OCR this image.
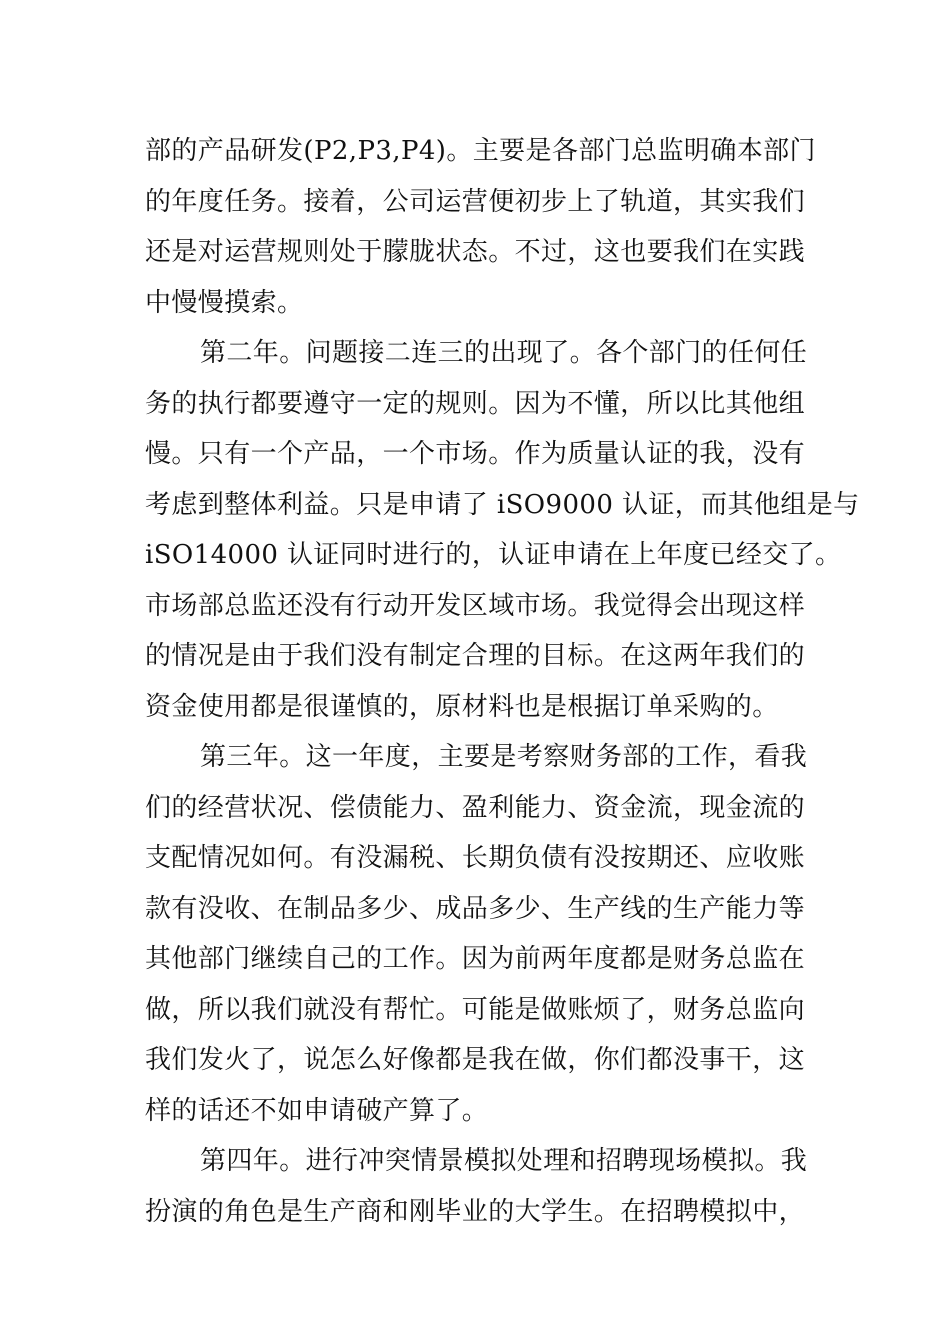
部的产品研发(P2,P3,P4)。主要是各部门总监明确本部门
的年度任务。接着，公司运营便初步上了轨道，其实我们
还是对运营规则处于朦胧状态。不过，这也要我们在实践
中慢慢摸索。
第二年。问题接二连三的出现了。各个部门的任何任
务的执行都要遵守一定的规则。因为不懂，所以比其他组
慢。只有一个产品，一个市场。作为质量认证的我，没有
考虑到整体利益。只是申请了 iSO9000 认证，而其他组是与
iSO14000 认证同时进行的，认证申请在上年度已经交了。
市场部总监还没有行动开发区域市场。我觉得会出现这样
的情况是由于我们没有制定合理的目标。在这两年我们的
资金使用都是很谨慎的，原材料也是根据订单采购的。
第三年。这一年度，主要是考察财务部的工作，看我
们的经营状况、偿债能力、盈利能力、资金流，现金流的
支配情况如何。有没漏税、长期负债有没按期还、应收账
款有没收、在制品多少、成品多少、生产线的生产能力等
其他部门继续自己的工作。因为前两年度都是财务总监在
做，所以我们就没有帮忙。可能是做账烦了，财务总监向
我们发火了，说怎么好像都是我在做，你们都没事干，这
样的话还不如申请破产算了。
第四年。进行冲突情景模拟处理和招聘现场模拟。我
扮演的角色是生产商和刚毕业的大学生。在招聘模拟中，
